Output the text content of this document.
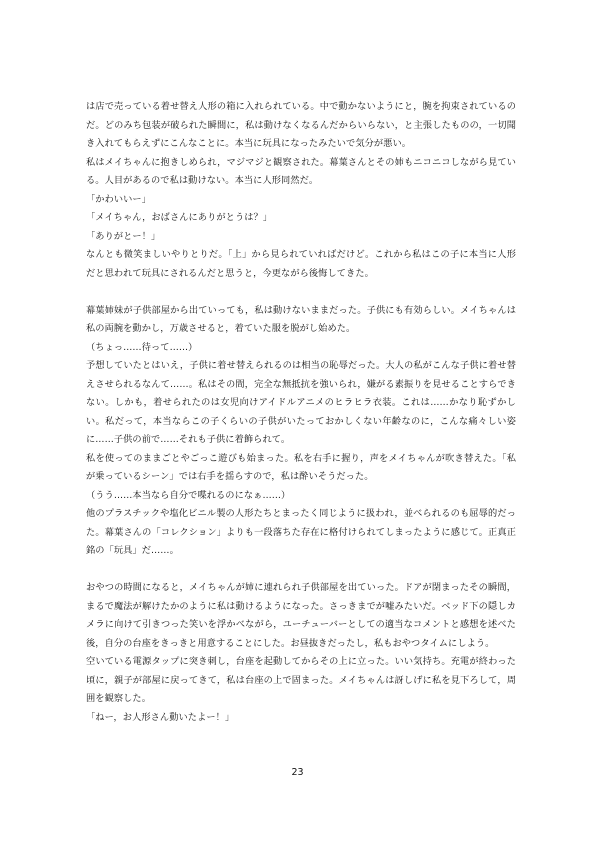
は店で売っている着せ替え人形の箱に入れられている。中で動かないようにと，腕を拘束されているのだ。どのみち包装が破られた瞬間に，私は動けなくなるんだからいらない，と主張したものの，一切聞き入れてもらえずにこんなことに。本当に玩具になったみたいで気分が悪い。

私はメイちゃんに抱きしめられ，マジマジと観察された。幕葉さんとその姉もニコニコしながら見ている。人目があるので私は動けない。本当に人形同然だ。

「かわいいー」

「メイちゃん，おばさんにありがとうは？」

「ありがとー！」

なんとも微笑ましいやりとりだ。「上」から見られていればだけど。これから私はこの子に本当に人形だと思われて玩具にされるんだと思うと，今更ながら後悔してきた。

幕葉姉妹が子供部屋から出ていっても，私は動けないままだった。子供にも有効らしい。メイちゃんは私の両腕を動かし，万歳させると，着ていた服を脱がし始めた。

（ちょっ……待って……）

予想していたとはいえ，子供に着せ替えられるのは相当の恥辱だった。大人の私がこんな子供に着せ替えさせられるなんて……。私はその間，完全な無抵抗を強いられ，嫌がる素振りを見せることすらできない。しかも，着せられたのは女児向けアイドルアニメのヒラヒラ衣装。これは……かなり恥ずかしい。私だって，本当ならこの子くらいの子供がいたっておかしくない年齢なのに，こんな痛々しい姿に……子供の前で……それも子供に着飾られて。

私を使ってのままごとやごっこ遊びも始まった。私を右手に握り，声をメイちゃんが吹き替えた。「私が乗っているシーン」では右手を揺らすので，私は酔いそうだった。

（うう……本当なら自分で喋れるのになぁ……）

他のプラスチックや塩化ビニル製の人形たちとまったく同じように扱われ，並べられるのも屈辱的だった。幕葉さんの「コレクション」よりも一段落ちた存在に格付けられてしまったように感じて。正真正銘の「玩具」だ……。

おやつの時間になると，メイちゃんが姉に連れられ子供部屋を出ていった。ドアが閉まったその瞬間，まるで魔法が解けたかのように私は動けるようになった。さっきまでが嘘みたいだ。ベッド下の隠しカメラに向けて引きつった笑いを浮かべながら，ユーチューバーとしての適当なコメントと感想を述べた後，自分の台座をきっきと用意することにした。お昼抜きだったし，私もおやつタイムにしよう。

空いている電源タップに突き刺し，台座を起動してからその上に立った。いい気持ち。充電が終わった頃に，親子が部屋に戻ってきて，私は台座の上で固まった。メイちゃんは訝しげに私を見下ろして，周囲を観察した。

「ねー，お人形さん動いたよー！」

23
